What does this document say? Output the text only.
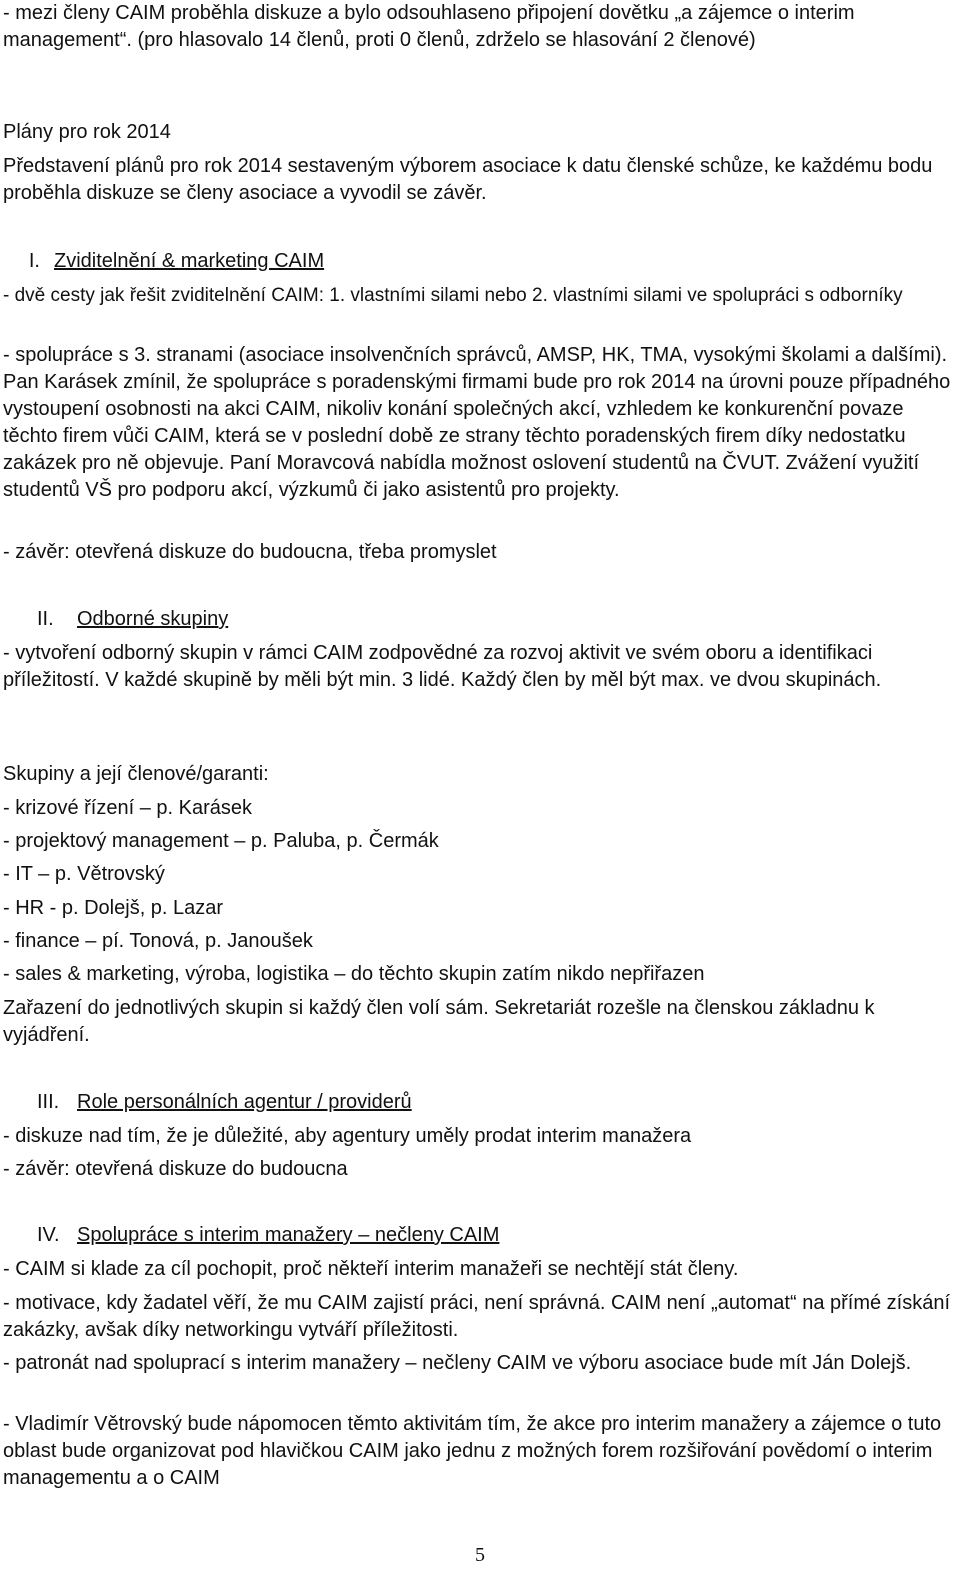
- mezi členy CAIM proběhla diskuze a bylo odsouhlaseno připojení dovětku „a zájemce o interim management“. (pro hlasovalo 14 členů, proti 0 členů, zdrželo se hlasování 2 členové)

Plány pro rok 2014

Představení plánů pro rok 2014 sestaveným výborem asociace k datu členské schůze, ke každému bodu proběhla diskuze se členy asociace a vyvodil se závěr.

I. Zviditelnění & marketing CAIM

- dvě cesty jak řešit zviditelnění CAIM: 1. vlastními silami nebo 2. vlastními silami ve spolupráci s odborníky

- spolupráce s 3. stranami (asociace insolvenčních správců, AMSP, HK, TMA, vysokými školami a dalšími). Pan Karásek zmínil, že spolupráce s poradenskými firmami bude pro rok 2014 na úrovni pouze případného vystoupení osobnosti na akci CAIM, nikoliv konání společných akcí, vzhledem ke konkurenční povaze těchto firem vůči CAIM, která se v poslední době ze strany těchto poradenských firem díky nedostatku zakázek pro ně objevuje. Paní Moravcová nabídla možnost oslovení studentů na ČVUT. Zvážení využití studentů VŠ pro podporu akcí, výzkumů či jako asistentů pro projekty.

- závěr: otevřená diskuze do budoucna, třeba promyslet

II.	Odborné skupiny

- vytvoření odborný skupin v rámci CAIM zodpovědné za rozvoj aktivit ve svém oboru a identifikaci příležitostí. V každé skupině by měli být min. 3 lidé. Každý člen by měl být max. ve dvou skupinách.

Skupiny a její členové/garanti:

- krizové řízení – p. Karásek

- projektový management – p. Paluba, p. Čermák

- IT – p. Větrovský

- HR - p. Dolejš, p. Lazar

- finance – pí. Tonová, p. Janoušek

- sales & marketing, výroba, logistika – do těchto skupin zatím nikdo nepřiřazen

Zařazení do jednotlivých skupin si každý člen volí sám. Sekretariát rozešle na členskou základnu k vyjádření.

III. Role personálních agentur / providerů

- diskuze nad tím, že je důležité, aby agentury uměly prodat interim manažera

- závěr: otevřená diskuze do budoucna

IV. Spolupráce s interim manažery – nečleny CAIM

- CAIM si klade za cíl pochopit, proč někteří interim manažeři se nechtějí stát členy.

- motivace, kdy žadatel věří, že mu CAIM zajistí práci, není správná. CAIM není „automat“ na přímé získání zakázky, avšak díky networkingu vytváří příležitosti.

- patronát nad spoluprací s interim manažery – nečleny CAIM ve výboru asociace bude mít Ján Dolejš.

- Vladimír Větrovský bude nápomocen těmto aktivitám tím, že akce pro interim manažery a zájemce o tuto oblast bude organizovat pod hlavičkou CAIM jako jednu z možných forem rozšiřování povědomí o interim managementu a o CAIM

5
